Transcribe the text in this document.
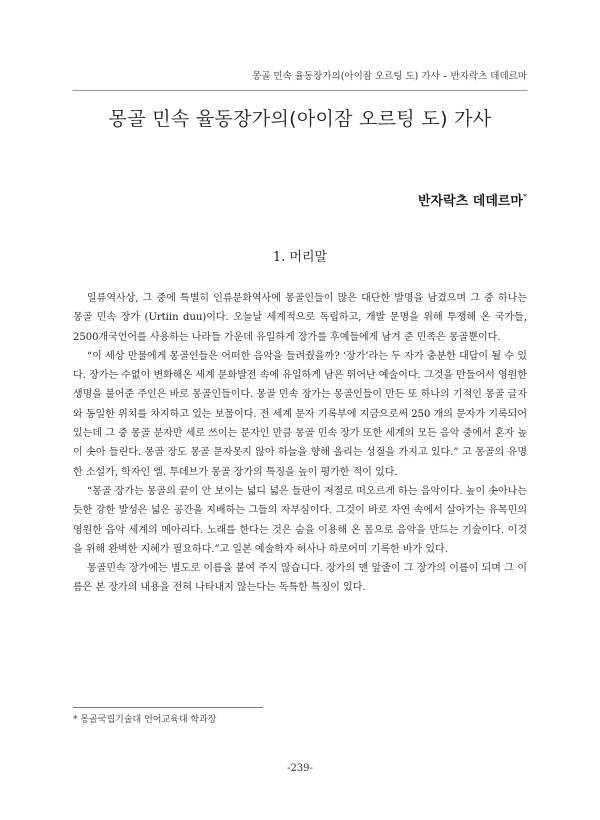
몽골 민속 율동장가의(아이잠 오르팅 도) 가사 – 반자락츠 데데르마
몽골 민속 율동장가의(아이잠 오르팅 도) 가사
반자락츠 데데르마*
1. 머리말

일류역사상, 그 중에 특별히 인류문화역사에 몽골인들이 많은 대단한 발명을 남겼으며 그 중 하나는 몽골 민속 장가 (Urtiin duu)이다. 오늘날 세계적으로 독립하고, 개발 문명을 위해 투쟁해 온 국가들, 2500개국언어를 사용하는 나라들 가운데 유일하게 장가를 후예들에게 남겨 준 민족은 몽골뿐이다.

“이 세상 만물에게 몽골인들은 어떠한 음악을 들려줬을까? ‘장가’라는 두 자가 충분한 대답이 될 수 있다. 장가는 수없이 변화해온 세계 문화발전 속에 유일하게 남은 뛰어난 예술이다. 그것을 만들어서 영원한 생명을 불어준 주인은 바로 몽골인들이다. 몽골 민속 장가는 몽골인들이 만든 또 하나의 기적인 몽골 글자와 동일한 위치를 차지하고 있는 보물이다. 전 세계 문자 기록부에 지금으로써 250 개의 문자가 기록되어 있는데 그 중 몽골 문자만 세로 쓰이는 문자인 만큼 몽골 민속 장가 또한 세계의 모든 음악 중에서 혼자 높이 솟아 들린다. 몽골 장도 몽골 문자못지 않아 하늘을 향해 올리는 성질을 가지고 있다.” 고 몽골의 유명한 소설가, 학자인 엘. 투데브가 몽골 장가의 특징을 높이 평가한 적이 있다.

“몽골 장가는 몽골의 끝이 안 보이는 넓디 넓은 들판이 저절로 떠오르게 하는 음악이다. 높이 솟아나는 듯한 강한 발성은 넓은 공간을 지배하는 그들의 자부심이다. 그것이 바로 자연 속에서 살아가는 유목민의 영원한 음악 세계의 메아리다. 노래를 한다는 것은 숨을 이용해 온 몸으로 음악을 만드는 기술이다. 이것을 위해 완벽한 지혜가 필요하다.”고 일본 예술학자 허사나 하로어미 기록한 바가 있다.

몽골민속 장가에는 별도로 이름을 붙여 주지 않습니다. 장가의 맨 앞줄이 그 장가의 이름이 되며 그 이름은 본 장가의 내용을 전혀 나타내지 않는다는 독특한 특징이 있다.

* 몽골국립기술대 언어교육대 학과장
-239-
